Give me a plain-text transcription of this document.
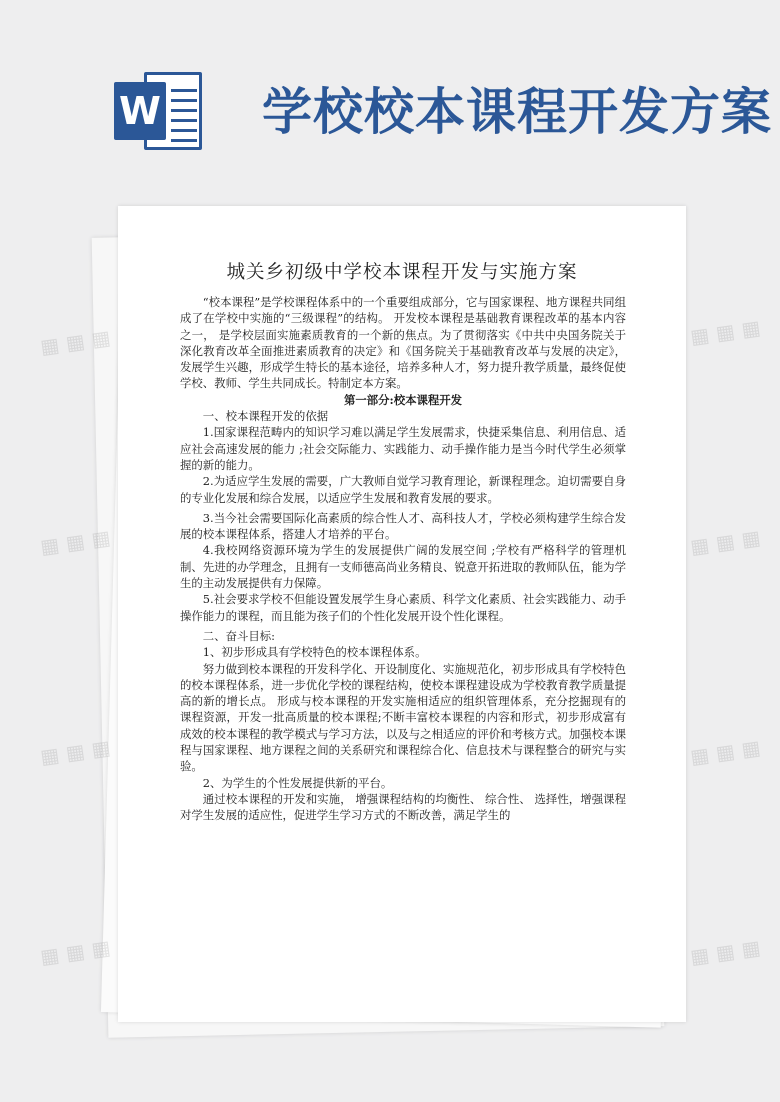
W 学校校本课程开发方案
城关乡初级中学校本课程开发与实施方案

“校本课程”是学校课程体系中的一个重要组成部分，它与国家课程、地方课程共同组成了在学校中实施的“三级课程”的结构。 开发校本课程是基础教育课程改革的基本内容之一， 是学校层面实施素质教育的一个新的焦点。为了贯彻落实《中共中央国务院关于深化教育改革全面推进素质教育的决定》和《国务院关于基础教育改革与发展的决定》，发展学生兴趣，形成学生特长的基本途径，培养多种人才，努力提升教学质量，最终促使学校、教师、学生共同成长。特制定本方案。

第一部分:校本课程开发

一、校本课程开发的依据

1.国家课程范畴内的知识学习难以满足学生发展需求，快捷采集信息、利用信息、适应社会高速发展的能力 ;社会交际能力、实践能力、动手操作能力是当今时代学生必须掌握的新的能力。

2.为适应学生发展的需要，广大教师自觉学习教育理论，新课程理念。迫切需要自身的专业化发展和综合发展，以适应学生发展和教育发展的要求。

3.当今社会需要国际化高素质的综合性人才、高科技人才，学校必须构建学生综合发展的校本课程体系，搭建人才培养的平台。

4.我校网络资源环境为学生的发展提供广阔的发展空间 ;学校有严格科学的管理机制、先进的办学理念，且拥有一支师德高尚业务精良、锐意开拓进取的教师队伍，能为学生的主动发展提供有力保障。

5.社会要求学校不但能设置发展学生身心素质、科学文化素质、社会实践能力、动手操作能力的课程，而且能为孩子们的个性化发展开设个性化课程。

二、奋斗目标:

1、初步形成具有学校特色的校本课程体系。

努力做到校本课程的开发科学化、开设制度化、实施规范化，初步形成具有学校特色的校本课程体系，进一步优化学校的课程结构，使校本课程建设成为学校教育教学质量提高的新的增长点。 形成与校本课程的开发实施相适应的组织管理体系，充分挖掘现有的课程资源，开发一批高质量的校本课程;不断丰富校本课程的内容和形式，初步形成富有成效的校本课程的教学模式与学习方法，以及与之相适应的评价和考核方式。加强校本课程与国家课程、地方课程之间的关系研究和课程综合化、信息技术与课程整合的研究与实验。

2、为学生的个性发展提供新的平台。

通过校本课程的开发和实施， 增强课程结构的均衡性、 综合性、 选择性，增强课程对学生发展的适应性，促进学生学习方式的不断改善，满足学生的

▦ ▦ ▦	▦ ▦ ▦
▦ ▦ ▦	▦ ▦ ▦
▦ ▦ ▦	▦ ▦ ▦
▦ ▦ ▦	▦ ▦ ▦
